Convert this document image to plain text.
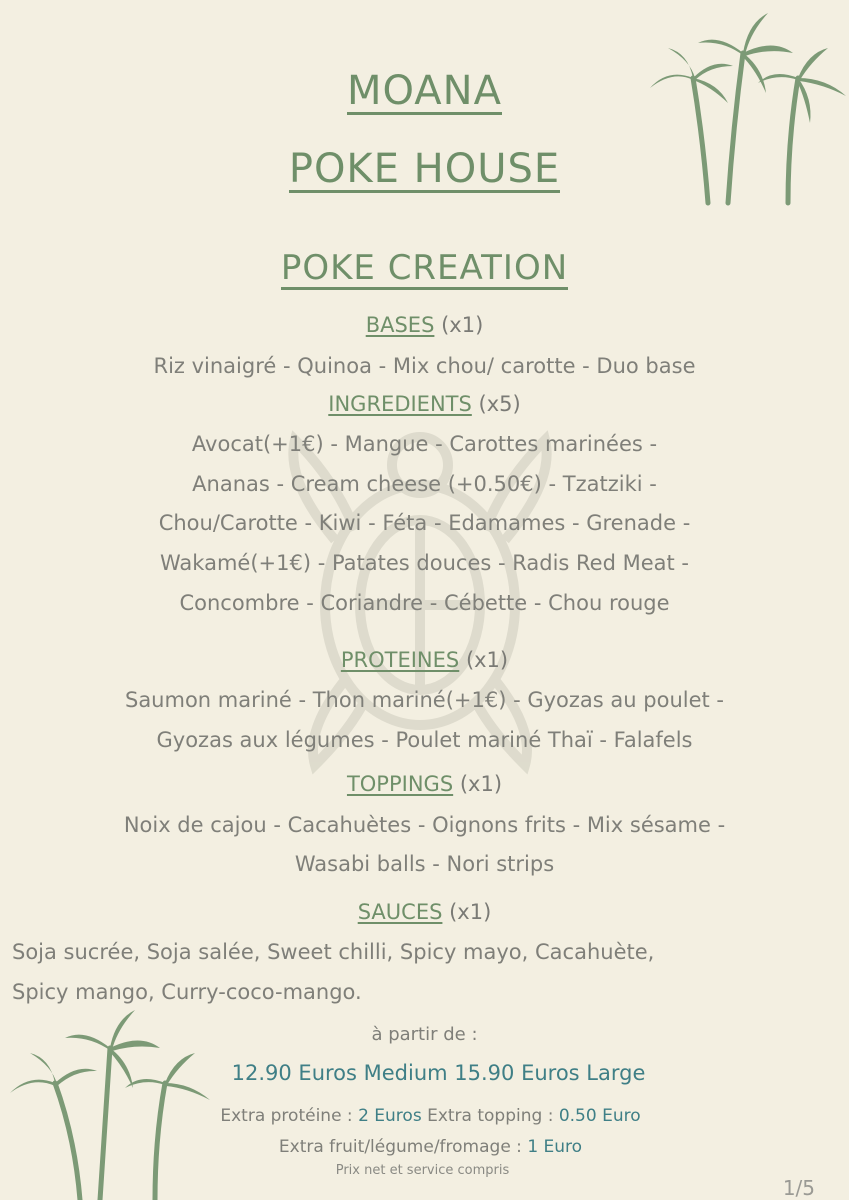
MOANA
POKE HOUSE
POKE CREATION
BASES (x1)
Riz vinaigré - Quinoa - Mix chou/ carotte - Duo base
INGREDIENTS (x5)
Avocat(+1€) - Mangue - Carottes marinées -
Ananas - Cream cheese (+0.50€) - Tzatziki -
Chou/Carotte - Kiwi - Féta - Edamames - Grenade -
Wakamé(+1€) - Patates douces - Radis Red Meat -
Concombre - Coriandre - Cébette - Chou rouge
PROTEINES (x1)
Saumon mariné - Thon mariné(+1€) - Gyozas au poulet -
Gyozas aux légumes - Poulet mariné Thaï - Falafels
TOPPINGS (x1)
Noix de cajou - Cacahuètes - Oignons frits - Mix sésame -
Wasabi balls - Nori strips
SAUCES (x1)
Soja sucrée, Soja salée, Sweet chilli, Spicy mayo, Cacahuète,
Spicy mango, Curry-coco-mango.
à partir de :
12.90 Euros Medium 15.90 Euros Large
Extra protéine : 2 Euros Extra topping : 0.50 Euro
Extra fruit/légume/fromage : 1 Euro
Prix net et service compris
1/5
